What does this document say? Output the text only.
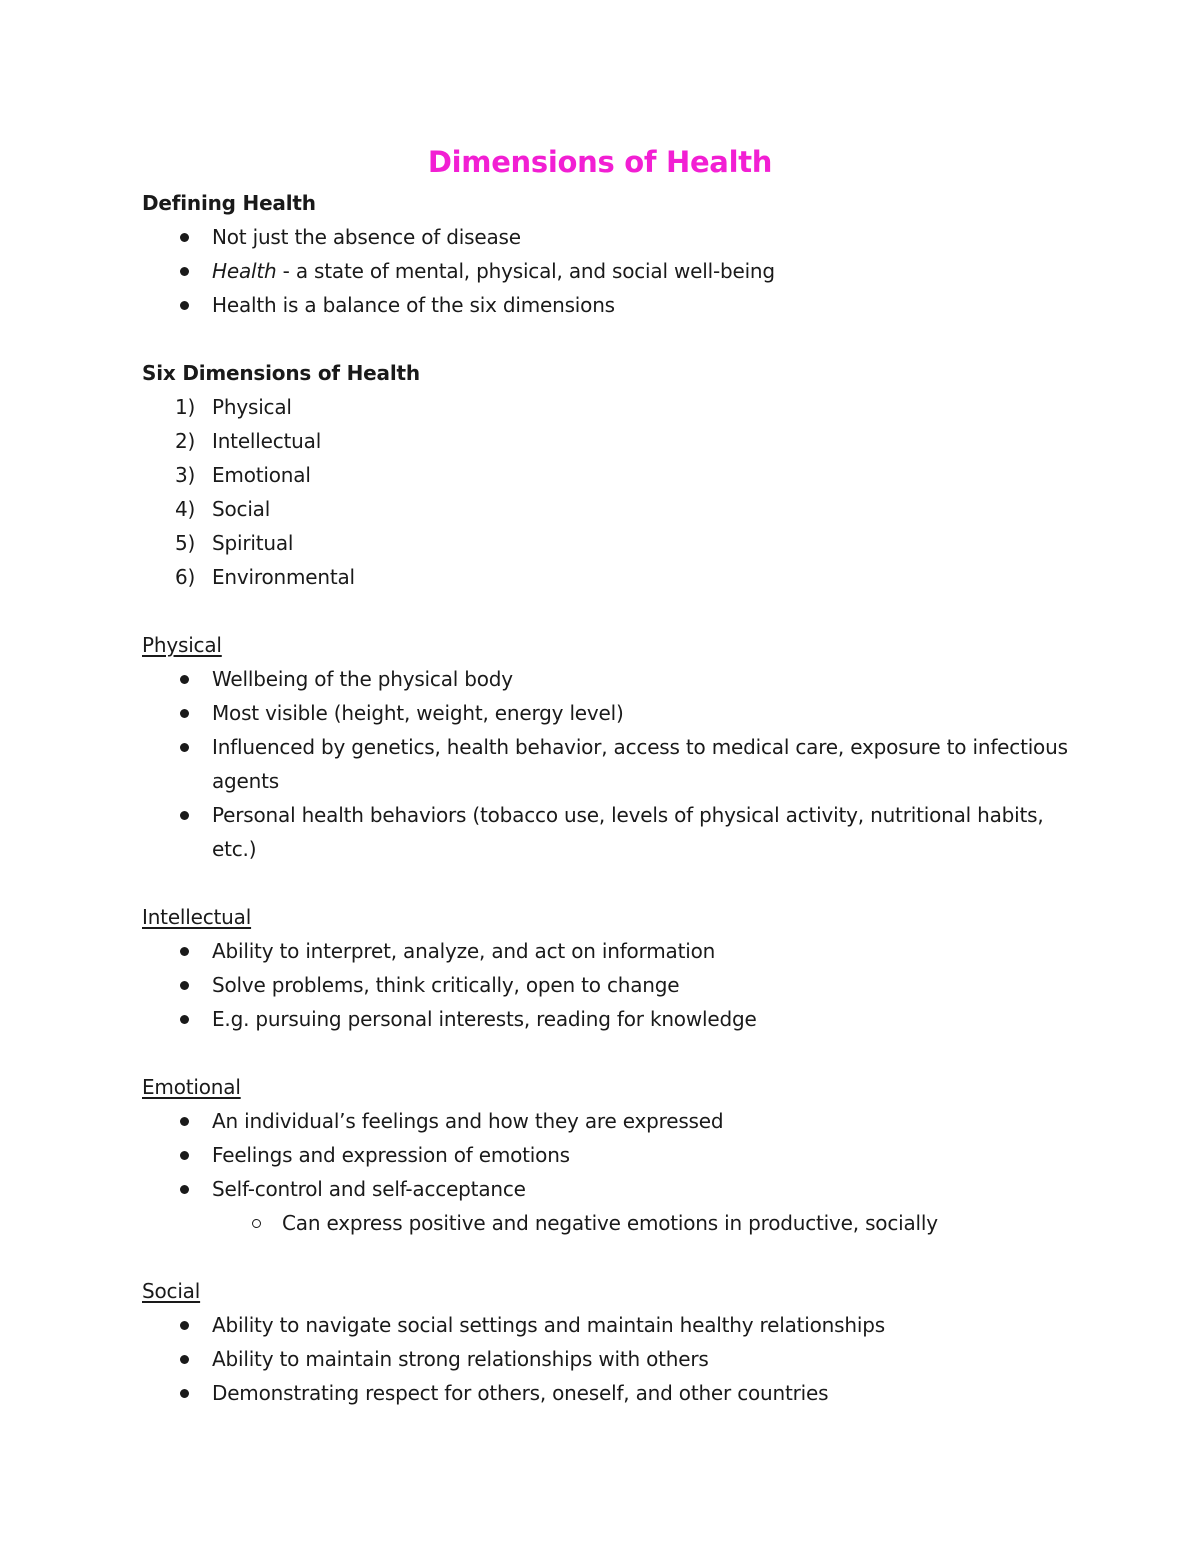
Dimensions of Health
Defining Health
Not just the absence of disease
Health - a state of mental, physical, and social well-being
Health is a balance of the six dimensions
Six Dimensions of Health
1) Physical
2) Intellectual
3) Emotional
4) Social
5) Spiritual
6) Environmental
Physical
Wellbeing of the physical body
Most visible (height, weight, energy level)
Influenced by genetics, health behavior, access to medical care, exposure to infectious agents
Personal health behaviors (tobacco use, levels of physical activity, nutritional habits, etc.)
Intellectual
Ability to interpret, analyze, and act on information
Solve problems, think critically, open to change
E.g. pursuing personal interests, reading for knowledge
Emotional
An individual’s feelings and how they are expressed
Feelings and expression of emotions
Self-control and self-acceptance
Can express positive and negative emotions in productive, socially
Social
Ability to navigate social settings and maintain healthy relationships
Ability to maintain strong relationships with others
Demonstrating respect for others, oneself, and other countries
